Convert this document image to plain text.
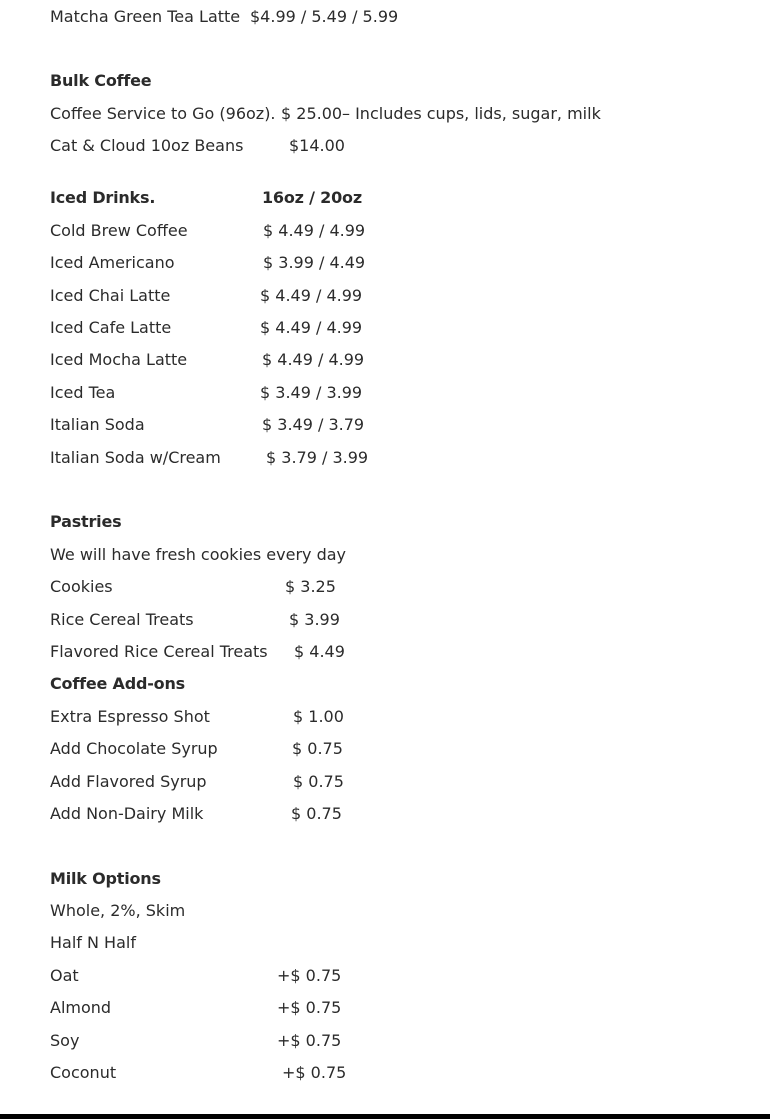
Matcha Green Tea Latte $4.99 / 5.49 / 5.99
Bulk Coffee
Coffee Service to Go (96oz). $ 25.00 – Includes cups, lids, sugar, milk
Cat & Cloud 10oz Beans	$14.00
Iced Drinks.	16oz / 20oz
Cold Brew Coffee	$ 4.49 / 4.99
Iced Americano	$ 3.99 / 4.49
Iced Chai Latte	$ 4.49 / 4.99
Iced Cafe Latte	$ 4.49 / 4.99
Iced Mocha Latte	$ 4.49 / 4.99
Iced Tea	$ 3.49 / 3.99
Italian Soda	$ 3.49 / 3.79
Italian Soda w/Cream	$ 3.79 / 3.99
Pastries
We will have fresh cookies every day
Cookies	$ 3.25
Rice Cereal Treats	$ 3.99
Flavored Rice Cereal Treats $ 4.49
Coffee Add-ons
Extra Espresso Shot	$ 1.00
Add Chocolate Syrup	$ 0.75
Add Flavored Syrup	$ 0.75
Add Non-Dairy Milk	$ 0.75
Milk Options
Whole, 2%, Skim
Half N Half
Oat	+$ 0.75
Almond	+$ 0.75
Soy	+$ 0.75
Coconut	+$ 0.75
